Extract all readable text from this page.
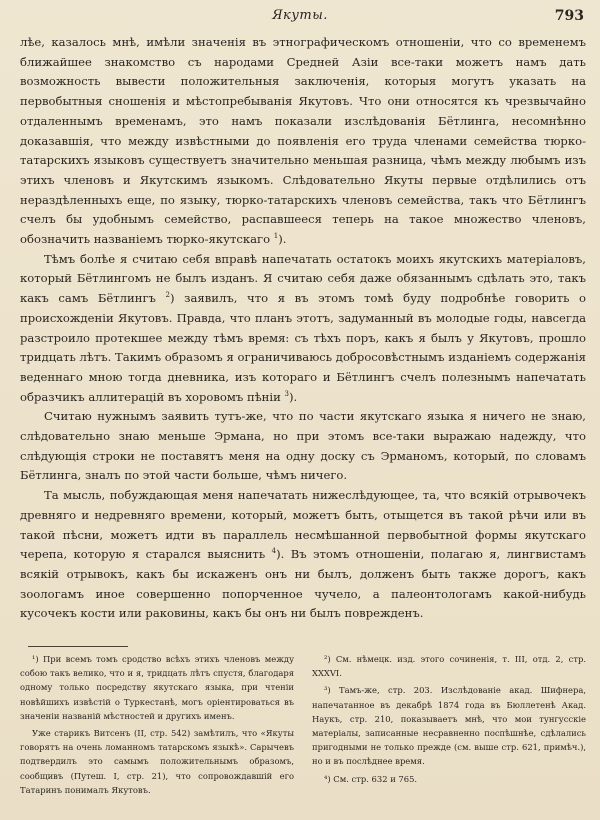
Якуты.	793

лѣе, казалось мнѣ, имѣли значенія въ этнографическомъ отношеніи, что со временемъ ближайшее знакомство съ народами Средней Азіи все-таки можетъ намъ дать возможность вывести положительныя заключенія, которыя могутъ указать на первобытныя сношенія и мѣстопребыванія Якутовъ. Что они относятся къ чрезвычайно отдаленнымъ временамъ, это намъ показали изслѣдованія Бётлинга, несомнѣнно доказавшія, что между извѣстными до появленія его труда членами семейства тюрко-татарскихъ языковъ существуетъ значительно меньшая разница, чѣмъ между любымъ изъ этихъ членовъ и Якутскимъ языкомъ. Слѣдовательно Якуты первые отдѣлились отъ нераздѣленныхъ еще, по языку, тюрко-татарскихъ членовъ семейства, такъ что Бётлингъ счелъ бы удобнымъ семейство, распавшееся теперь на такое множество членовъ, обозначить названіемъ тюрко-якутскаго $^1$).

Тѣмъ болѣе я считаю себя вправѣ напечатать остатокъ моихъ якутскихъ матеріаловъ, который Бётлингомъ не былъ изданъ. Я считаю себя даже обязаннымъ сдѣлать это, такъ какъ самъ Бётлингъ $^2$) заявилъ, что я въ этомъ томѣ буду подробнѣе говорить о происхожденіи Якутовъ. Правда, что планъ этотъ, задуманный въ молодые годы, навсегда разстроило протекшее между тѣмъ время: съ тѣхъ поръ, какъ я былъ у Якутовъ, прошло тридцать лѣтъ. Такимъ образомъ я ограничиваюсь добросовѣстнымъ изданіемъ содержанія веденнаго мною тогда дневника, изъ котораго и Бётлингъ счелъ полезнымъ напечатать образчикъ аллитерацій въ хоровомъ пѣніи $^3$).

Считаю нужнымъ заявить тутъ-же, что по части якутскаго языка я ничего не знаю, слѣдовательно знаю меньше Эрмана, но при этомъ все-таки выражаю надежду, что слѣдующія строки не поставятъ меня на одну доску съ Эрманомъ, который, по словамъ Бётлинга, зналъ по этой части больше, чѣмъ ничего.

Та мысль, побуждающая меня напечатать нижеслѣдующее, та, что всякій отрывочекъ древняго и недревняго времени, который, можетъ быть, отыщется въ такой рѣчи или въ такой пѣсни, можетъ идти въ параллель несмѣшанной первобытной формы якутскаго черепа, которую я старался выяснить $^4$). Въ этомъ отношеніи, полагаю я, лингвистамъ всякій отрывокъ, какъ бы искаженъ онъ ни былъ, долженъ быть также дорогъ, какъ зоологамъ иное совершенно попорченное чучело, а палеонтологамъ какой-нибудь кусочекъ кости или раковины, какъ бы онъ ни былъ поврежденъ.

¹) При всемъ томъ сродство всѣхъ этихъ членовъ между собою такъ велико, что и я, тридцать лѣтъ спустя, благодаря одному только посредству якутскаго языка, при чтеніи новѣйшихъ извѣстій о Туркестанѣ, могъ оріентироваться въ значеніи названій мѣстностей и другихъ именъ.

Уже старикъ Витсенъ (II, стр. 542) замѣтилъ, что «Якуты говорятъ на очень ломанномъ татарскомъ языкѣ». Сарычевъ подтвердилъ это самымъ положительнымъ образомъ, сообщивъ (Путеш. I, стр. 21), что сопровождавшій его Татаринъ понималъ Якутовъ.

²) См. нѣмецк. изд. этого сочиненія, т. III, отд. 2, стр. XXXVI.

³) Тамъ-же, стр. 203. Изслѣдованіе акад. Шифнера, напечатанное въ декабрѣ 1874 года въ Бюллетенѣ Акад. Наукъ, стр. 210, показываетъ мнѣ, что мои тунгусскіе матеріалы, записанные несравненно поспѣшнѣе, сдѣлались пригодными не только прежде (см. выше стр. 621, примѣч.), но и въ послѣднее время.

⁴) См. стр. 632 и 765.
